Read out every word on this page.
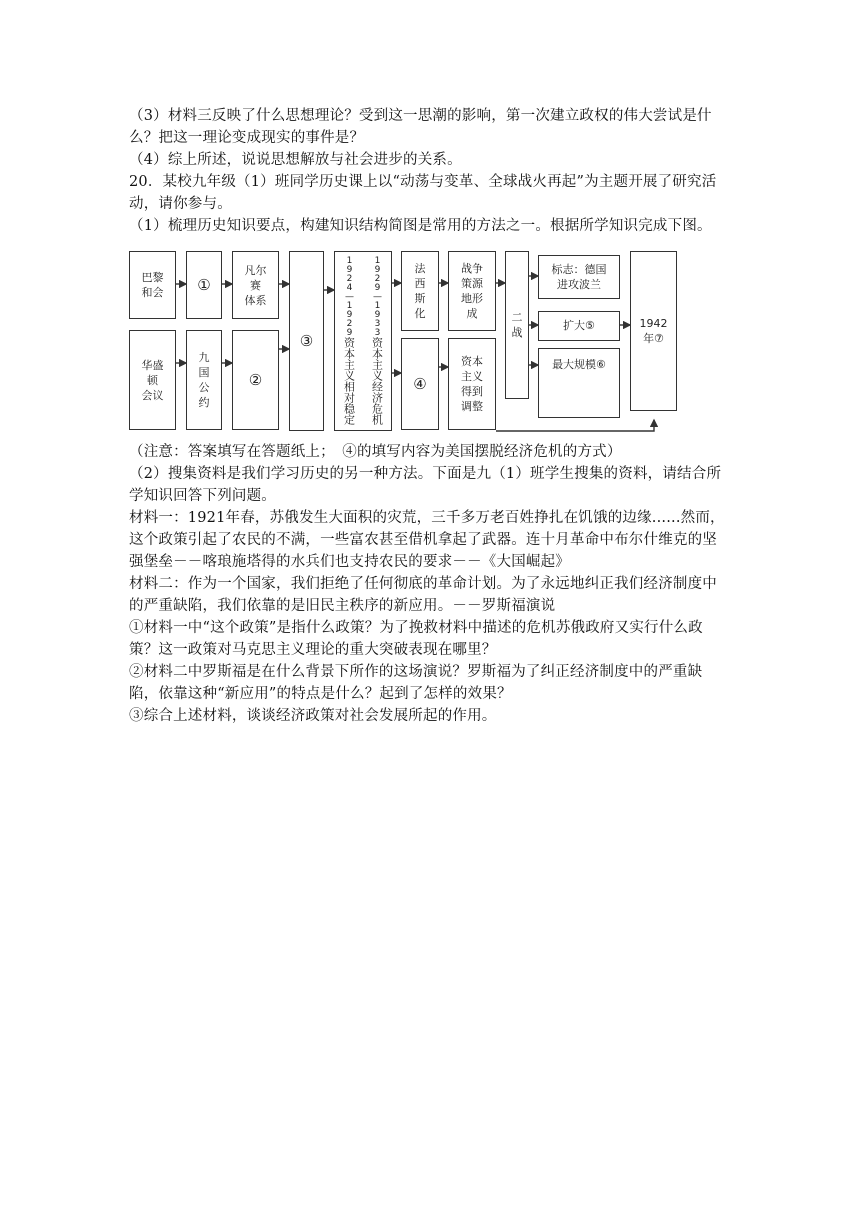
（3）材料三反映了什么思想理论？受到这一思潮的影响，第一次建立政权的伟大尝试是什
么？把这一理论变成现实的事件是？
（4）综上所述，说说思想解放与社会进步的关系。
20．某校九年级（1）班同学历史课上以“动荡与变革、全球战火再起”为主题开展了研究活
动，请你参与。
（1）梳理历史知识要点，构建知识结构简图是常用的方法之一。根据所学知识完成下图。
巴黎
和会 ①
凡尔
赛
体系
③
1924—1929
资本主义相对稳定
1929—1933
资本主义经济危机
法
西
斯
化
战争
策源
地形
成	二
战
标志：德国
进攻波兰
扩大⑤
最大规模⑥
1942
年⑦
华盛
顿
会议
九
国
公
约
②	④
资本
主义
得到
调整
（注意：答案填写在答题纸上；　④的填写内容为美国摆脱经济危机的方式）
（2）搜集资料是我们学习历史的另一种方法。下面是九（1）班学生搜集的资料，请结合所
学知识回答下列问题。
材料一：1921年春，苏俄发生大面积的灾荒，三千多万老百姓挣扎在饥饿的边缘......然而，
这个政策引起了农民的不满，一些富农甚至借机拿起了武器。连十月革命中布尔什维克的坚
强堡垒－－喀琅施塔得的水兵们也支持农民的要求－－《大国崛起》
材料二：作为一个国家，我们拒绝了任何彻底的革命计划。为了永远地纠正我们经济制度中
的严重缺陷，我们依靠的是旧民主秩序的新应用。－－罗斯福演说
①材料一中“这个政策”是指什么政策？为了挽救材料中描述的危机苏俄政府又实行什么政
策？这一政策对马克思主义理论的重大突破表现在哪里？
②材料二中罗斯福是在什么背景下所作的这场演说？罗斯福为了纠正经济制度中的严重缺
陷，依靠这种“新应用”的特点是什么？起到了怎样的效果？
③综合上述材料，谈谈经济政策对社会发展所起的作用。
